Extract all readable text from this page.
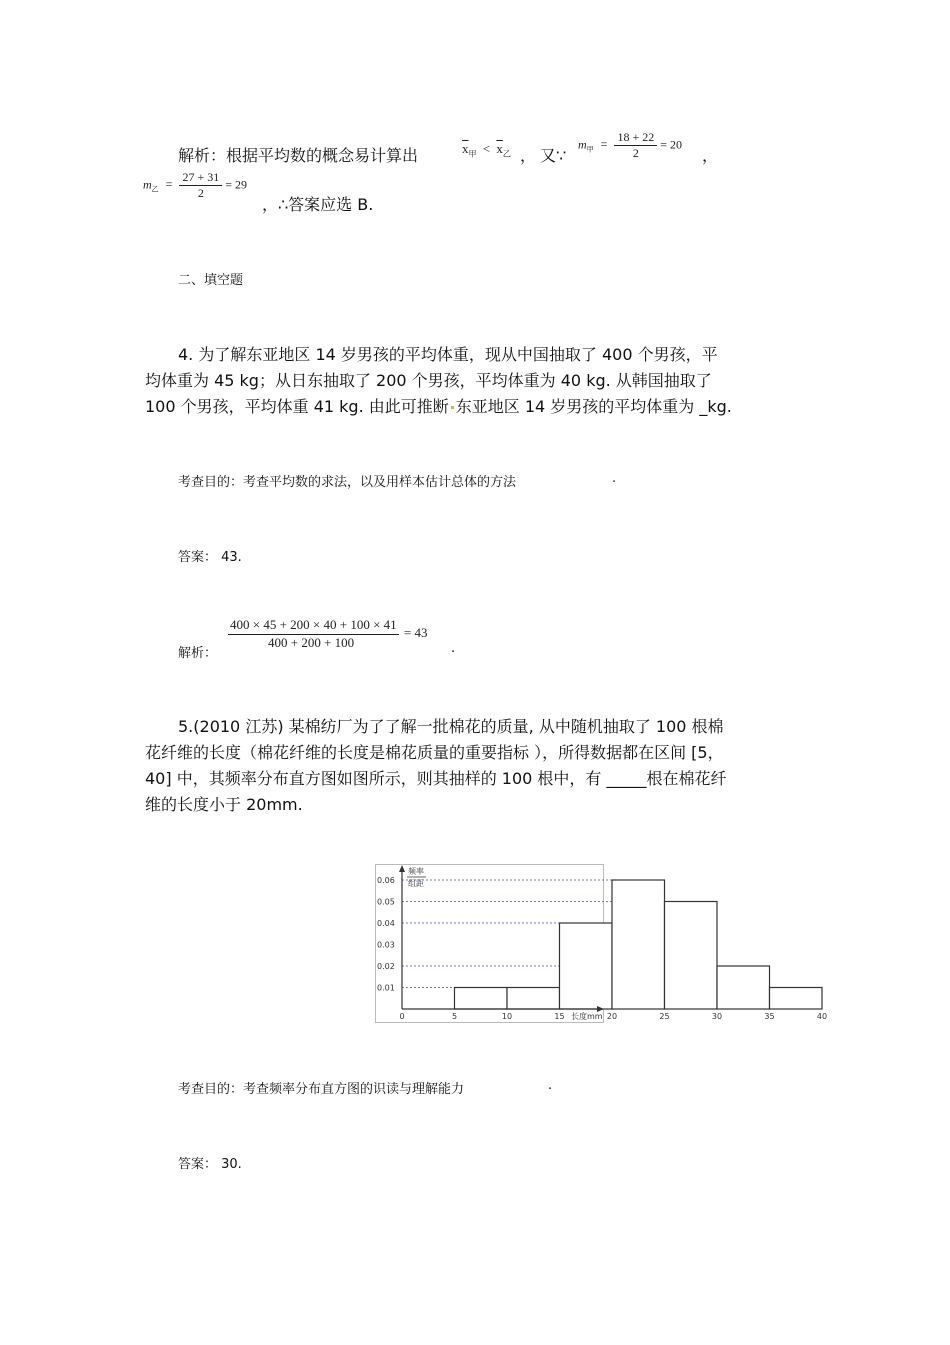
解析：根据平均数的概念易计算出	$\overline{x}_甲 < \overline{x}_乙$ ， 又∵
$m_甲 = \frac{18 + 22}{2} = 20$
，
$m_乙 = \frac{27 + 31}{2} = 29$
，∴答案应选 B.
二、填空题
4. 为了解东亚地区 14 岁男孩的平均体重，现从中国抽取了 400 个男孩，平
均体重为 45 kg；从日东抽取了 200 个男孩，平均体重为 40 kg. 从韩国抽取了
100 个男孩，平均体重 41 kg. 由此可推断 东亚地区 14 岁男孩的平均体重为 _kg.
考查目的：考查平均数的求法，以及用样本估计总体的方法	.
答案： 43.
解析：
$\frac{400 \times 45 + 200 \times 40 + 100 \times 41}{400 + 200 + 100} = 43$
.
5.(2010 江苏) 某棉纺厂为了了解一批棉花的质量, 从中随机抽取了 100 根棉
花纤维的长度（棉花纤维的长度是棉花质量的重要指标 ），所得数据都在区间 [5，
40] 中，其频率分布直方图如图所示，则其抽样的 100 根中，有 _____根在棉花纤
维的长度小于 20mm.
0.01
0.02
0.03
0.04
0.05
0.06
0	5	10	15	20	25	30	35	40
频率
组距
长度mm
考查目的：考查频率分布直方图的识读与理解能力	.
答案： 30.
